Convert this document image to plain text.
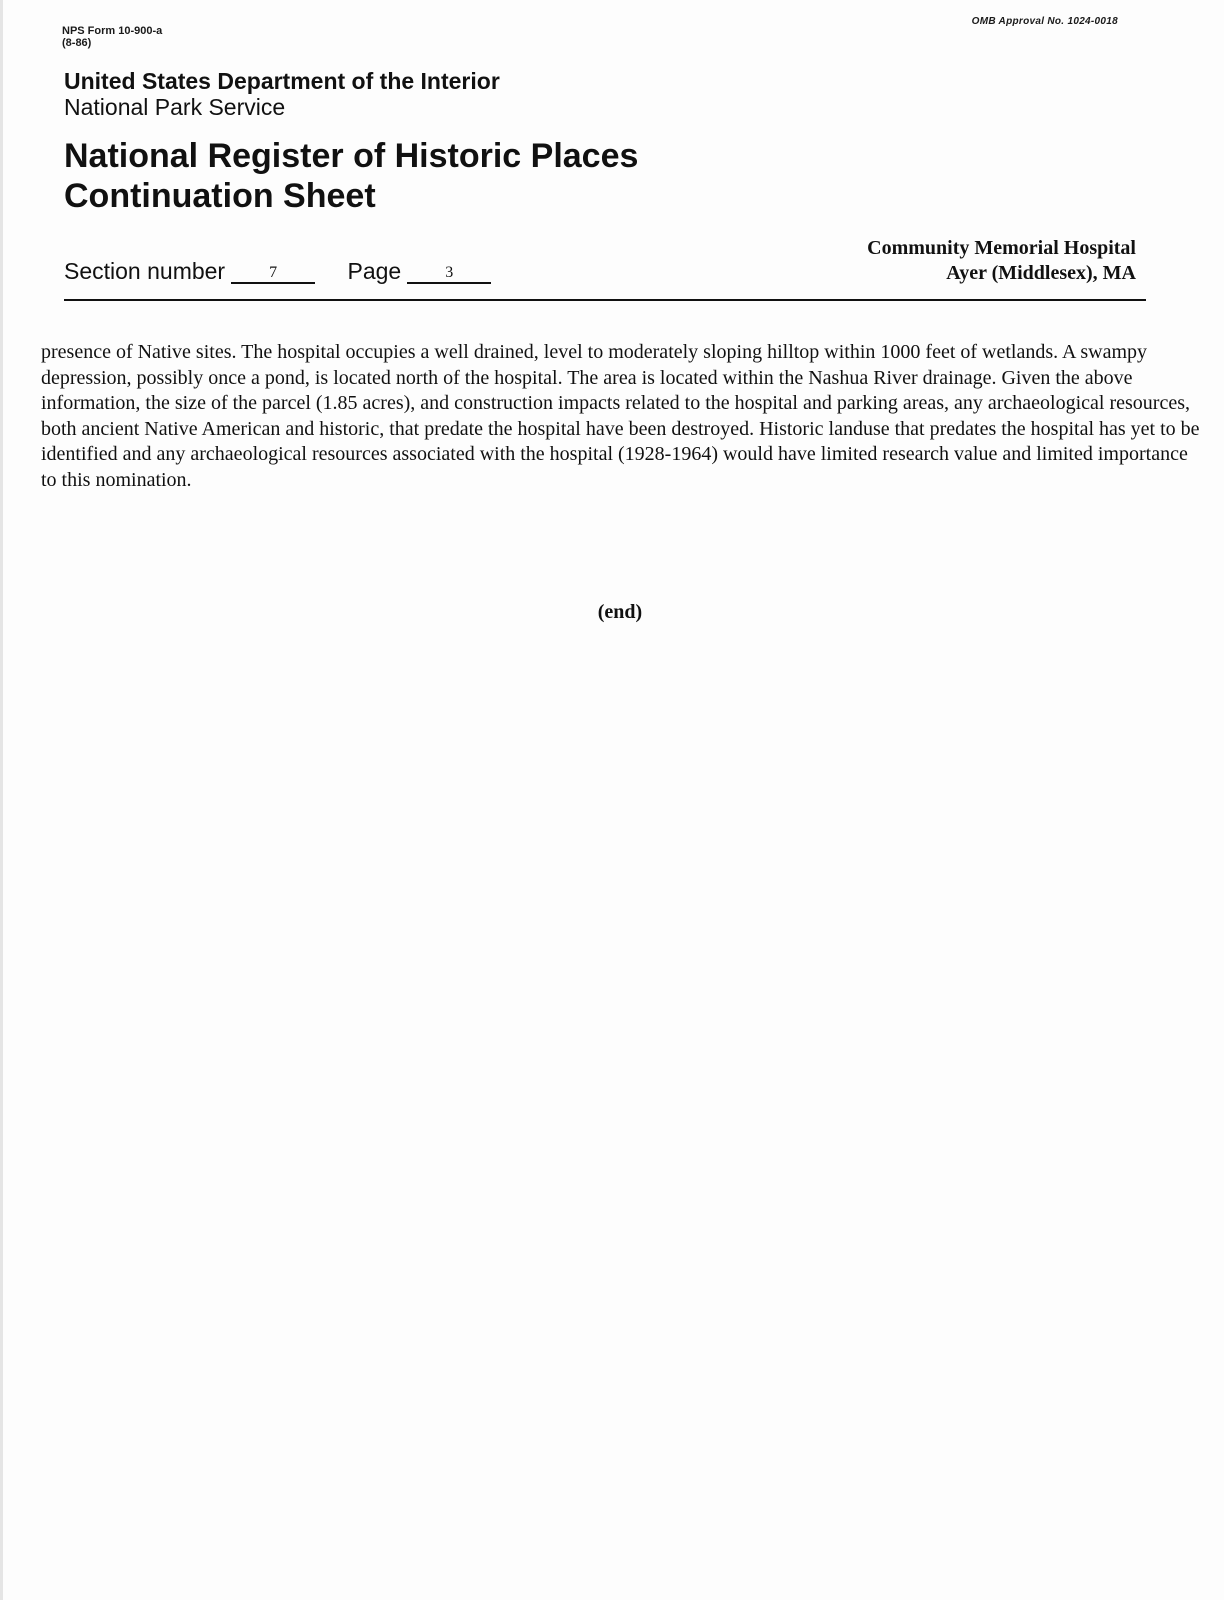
NPS Form 10-900-a
(8-86)
OMB Approval No. 1024-0018
United States Department of the Interior
National Park Service
National Register of Historic Places
Continuation Sheet
Section number	7	Page	3
Community Memorial Hospital
Ayer (Middlesex), MA

presence of Native sites. The hospital occupies a well drained, level to moderately sloping hilltop within 1000 feet of wetlands. A swampy depression, possibly once a pond, is located north of the hospital. The area is located within the Nashua River drainage. Given the above information, the size of the parcel (1.85 acres), and construction impacts related to the hospital and parking areas, any archaeological resources, both ancient Native American and historic, that predate the hospital have been destroyed. Historic landuse that predates the hospital has yet to be identified and any archaeological resources associated with the hospital (1928-1964) would have limited research value and limited importance to this nomination.

(end)
